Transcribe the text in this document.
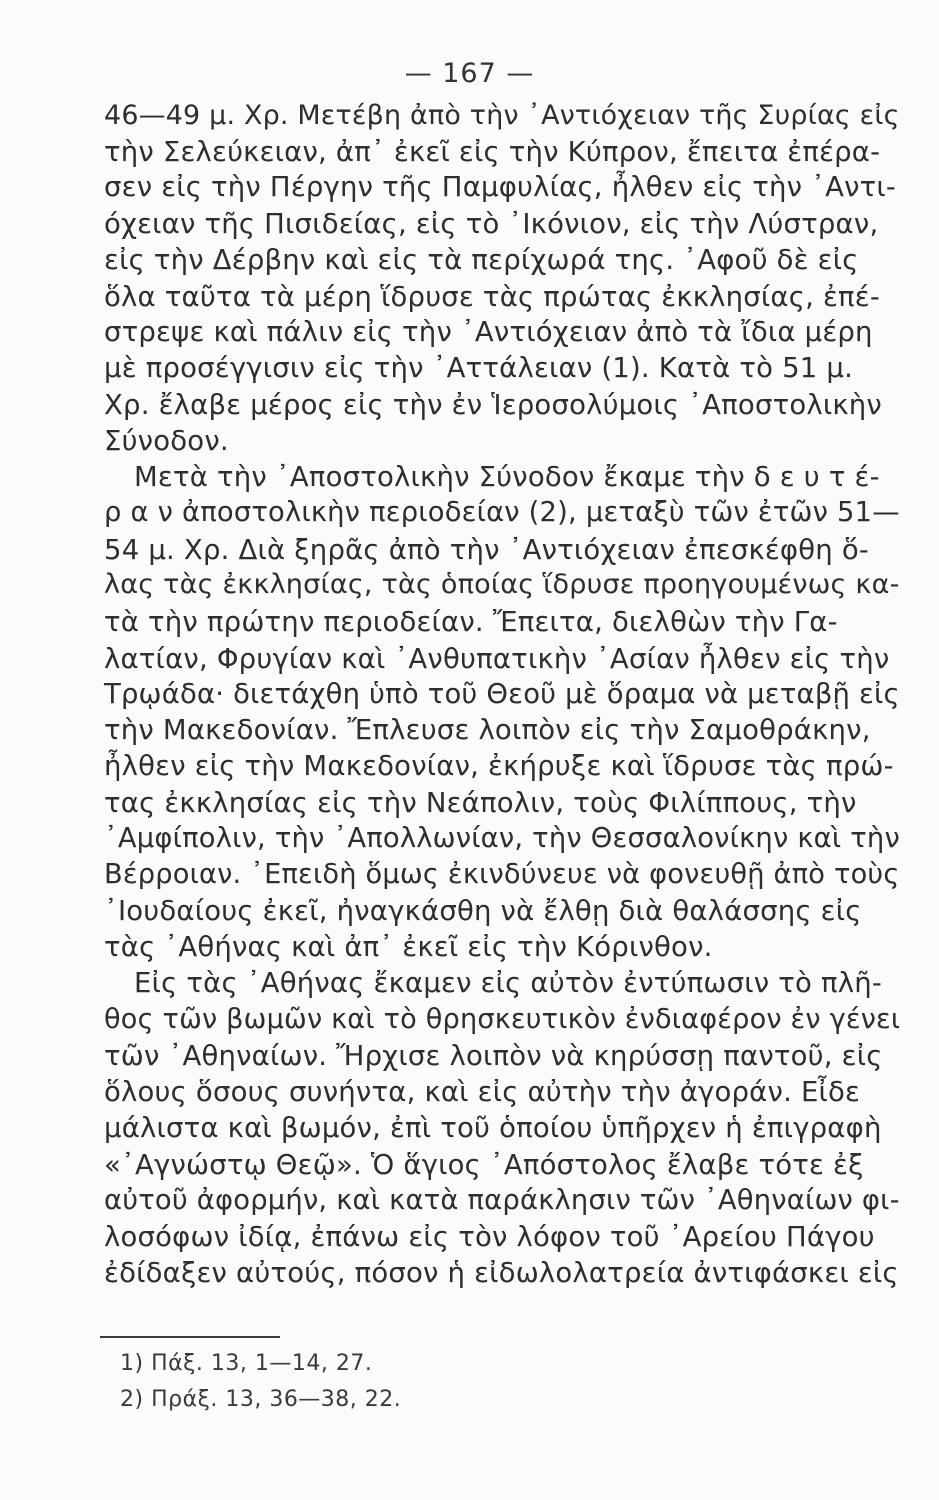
— 167 —
46—49 μ. Χρ. Μετέβη ἀπὸ τὴν ᾿Αντιόχειαν τῆς Συρίας εἰς
τὴν Σελεύκειαν, ἀπ᾿ ἐκεῖ εἰς τὴν Κύπρον, ἔπειτα ἐπέρα-
σεν εἰς τὴν Πέργην τῆς Παμφυλίας, ἦλθεν εἰς τὴν ᾿Αντι-
όχειαν τῆς Πισιδείας, εἰς τὸ ᾿Ικόνιον, εἰς τὴν Λύστραν,
εἰς τὴν Δέρβην καὶ εἰς τὰ περίχωρά της. ᾿Αφοῦ δὲ εἰς
ὅλα ταῦτα τὰ μέρη ἵδρυσε τὰς πρώτας ἐκκλησίας, ἐπέ-
στρεψε καὶ πάλιν εἰς τὴν ᾿Αντιόχειαν ἀπὸ τὰ ἴδια μέρη
μὲ προσέγγισιν εἰς τὴν ᾿Αττάλειαν (1). Κατὰ τὸ 51 μ.
Χρ. ἔλαβε μέρος εἰς τὴν ἐν Ἱεροσολύμοις ᾿Αποστολικὴν
Σύνοδον.
Μετὰ τὴν ᾿Αποστολικὴν Σύνοδον ἔκαμε τὴν δ ε υ τ έ-
ρ α ν ἀποστολικὴν περιοδείαν (2), μεταξὺ τῶν ἐτῶν 51—
54 μ. Χρ. Διὰ ξηρᾶς ἀπὸ τὴν ᾿Αντιόχειαν ἐπεσκέφθη ὅ-
λας τὰς ἐκκλησίας, τὰς ὁποίας ἵδρυσε προηγουμένως κα-
τὰ τὴν πρώτην περιοδείαν. Ἔπειτα, διελθὼν τὴν Γα-
λατίαν, Φρυγίαν καὶ ᾿Ανθυπατικὴν ᾿Ασίαν ἦλθεν εἰς τὴν
Τρῳάδα· διετάχθη ὑπὸ τοῦ Θεοῦ μὲ ὅραμα νὰ μεταβῇ εἰς
τὴν Μακεδονίαν. Ἔπλευσε λοιπὸν εἰς τὴν Σαμοθράκην,
ἦλθεν εἰς τὴν Μακεδονίαν, ἐκήρυξε καὶ ἵδρυσε τὰς πρώ-
τας ἐκκλησίας εἰς τὴν Νεάπολιν, τοὺς Φιλίππους, τὴν
᾿Αμφίπολιν, τὴν ᾿Απολλωνίαν, τὴν Θεσσαλονίκην καὶ τὴν
Βέρροιαν. ᾿Επειδὴ ὅμως ἐκινδύνευε νὰ φονευθῇ ἀπὸ τοὺς
᾿Ιουδαίους ἐκεῖ, ἠναγκάσθη νὰ ἔλθῃ διὰ θαλάσσης εἰς
τὰς ᾿Αθήνας καὶ ἀπ᾿ ἐκεῖ εἰς τὴν Κόρινθον.
Εἰς τὰς ᾿Αθήνας ἔκαμεν εἰς αὐτὸν ἐντύπωσιν τὸ πλῆ-
θος τῶν βωμῶν καὶ τὸ θρησκευτικὸν ἐνδιαφέρον ἐν γένει
τῶν ᾿Αθηναίων. Ἤρχισε λοιπὸν νὰ κηρύσσῃ παντοῦ, εἰς
ὅλους ὅσους συνήντα, καὶ εἰς αὐτὴν τὴν ἀγοράν. Εἶδε
μάλιστα καὶ βωμόν, ἐπὶ τοῦ ὁποίου ὑπῆρχεν ἡ ἐπιγραφὴ
«᾿Αγνώστῳ Θεῷ». Ὁ ἅγιος ᾿Απόστολος ἔλαβε τότε ἐξ
αὐτοῦ ἀφορμήν, καὶ κατὰ παράκλησιν τῶν ᾿Αθηναίων φι-
λοσόφων ἰδίᾳ, ἐπάνω εἰς τὸν λόφον τοῦ ᾿Αρείου Πάγου
ἐδίδαξεν αὐτούς, πόσον ἡ εἰδωλολατρεία ἀντιφάσκει εἰς
1) Πάξ. 13, 1—14, 27.
2) Πράξ. 13, 36—38, 22.
